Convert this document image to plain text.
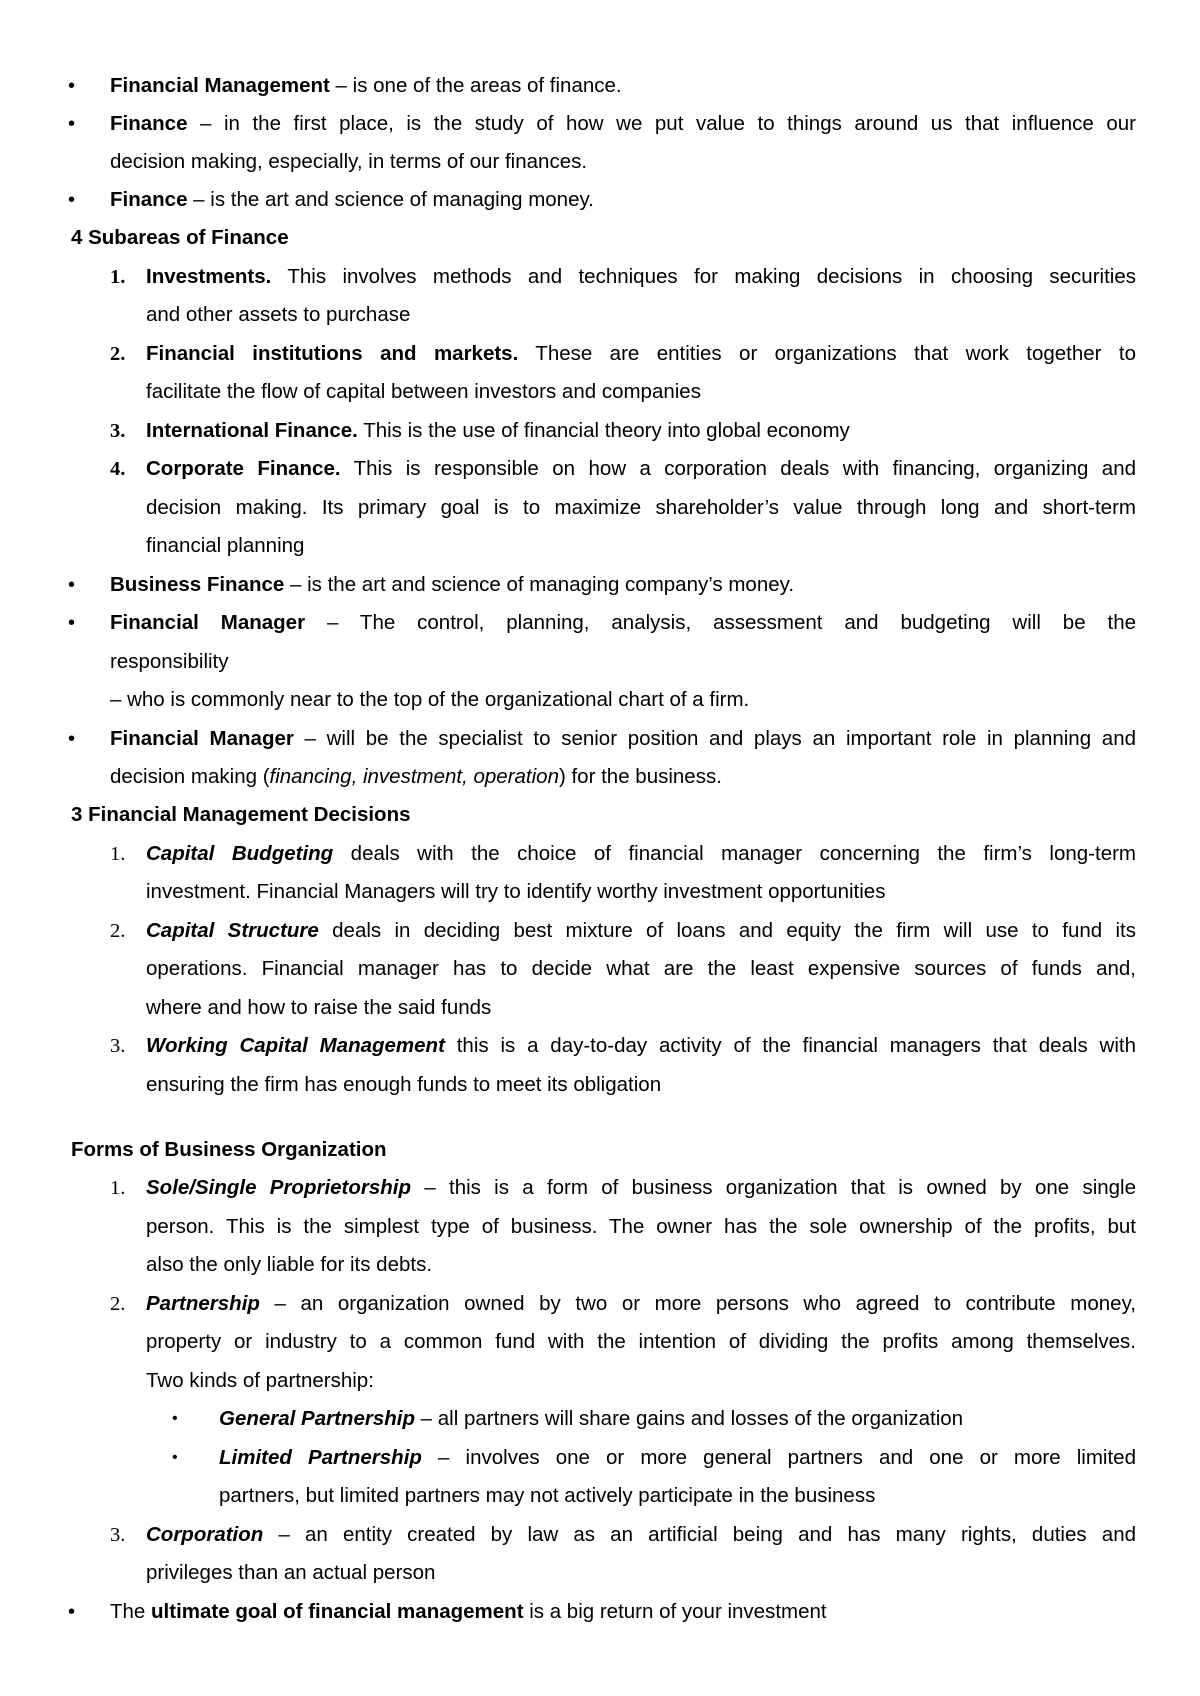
• Financial Management – is one of the areas of finance.
• Finance – in the first place, is the study of how we put value to things around us that influence our
decision making, especially, in terms of our finances.
• Finance – is the art and science of managing money.
4 Subareas of Finance
1. Investments. This involves methods and techniques for making decisions in choosing securities
and other assets to purchase
2. Financial institutions and markets. These are entities or organizations that work together to
facilitate the flow of capital between investors and companies
3. International Finance. This is the use of financial theory into global economy
4. Corporate Finance. This is responsible on how a corporation deals with financing, organizing and
decision making. Its primary goal is to maximize shareholder’s value through long and short-term
financial planning
• Business Finance – is the art and science of managing company’s money.
• Financial Manager – The control, planning, analysis, assessment and budgeting will be the
responsibility
– who is commonly near to the top of the organizational chart of a firm.
• Financial Manager – will be the specialist to senior position and plays an important role in planning and
decision making (financing, investment, operation) for the business.
3 Financial Management Decisions
1. Capital Budgeting deals with the choice of financial manager concerning the firm’s long-term
investment. Financial Managers will try to identify worthy investment opportunities
2. Capital Structure deals in deciding best mixture of loans and equity the firm will use to fund its
operations. Financial manager has to decide what are the least expensive sources of funds and,
where and how to raise the said funds
3. Working Capital Management this is a day-to-day activity of the financial managers that deals with
ensuring the firm has enough funds to meet its obligation
Forms of Business Organization
1. Sole/Single Proprietorship – this is a form of business organization that is owned by one single
person. This is the simplest type of business. The owner has the sole ownership of the profits, but
also the only liable for its debts.
2. Partnership – an organization owned by two or more persons who agreed to contribute money,
property or industry to a common fund with the intention of dividing the profits among themselves.
Two kinds of partnership:
• General Partnership – all partners will share gains and losses of the organization
• Limited Partnership – involves one or more general partners and one or more limited
partners, but limited partners may not actively participate in the business
3. Corporation – an entity created by law as an artificial being and has many rights, duties and
privileges than an actual person
• The ultimate goal of financial management is a big return of your investment
